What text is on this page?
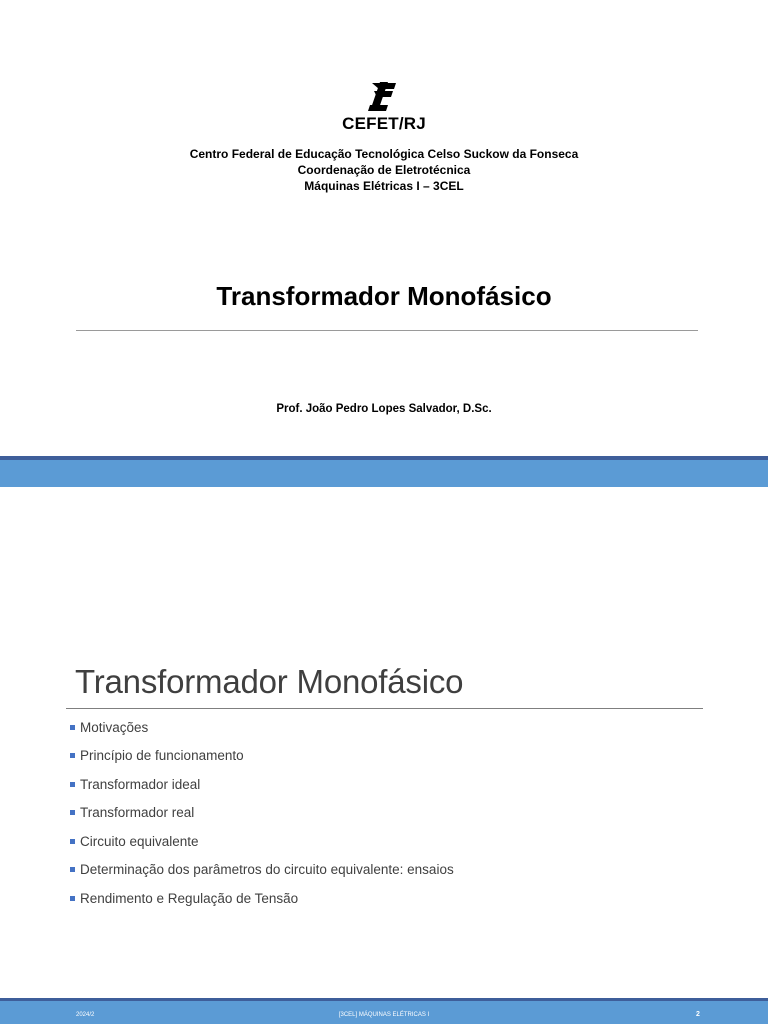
CEFET/RJ
Centro Federal de Educação Tecnológica Celso Suckow da Fonseca
Coordenação de Eletrotécnica
Máquinas Elétricas I – 3CEL
Transformador Monofásico
Prof. João Pedro Lopes Salvador, D.Sc.
Transformador Monofásico
Motivações
Princípio de funcionamento
Transformador ideal
Transformador real
Circuito equivalente
Determinação dos parâmetros do circuito equivalente: ensaios
Rendimento e Regulação de Tensão
2024/2	[3CEL] MÁQUINAS ELÉTRICAS I	2
